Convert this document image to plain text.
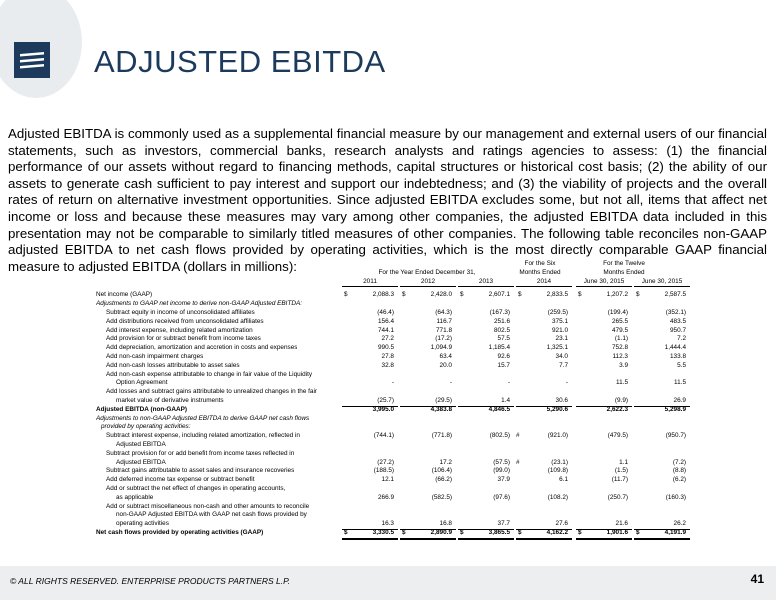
ADJUSTED EBITDA
Adjusted EBITDA is commonly used as a supplemental financial measure by our management and external users of our financial statements, such as investors, commercial banks, research analysts and ratings agencies to assess: (1) the financial performance of our assets without regard to financing methods, capital structures or historical cost basis; (2) the ability of our assets to generate cash sufficient to pay interest and support our indebtedness; and (3) the viability of projects and the overall rates of return on alternative investment opportunities. Since adjusted EBITDA excludes some, but not all, items that affect net income or loss and because these measures may vary among other companies, the adjusted EBITDA data included in this presentation may not be comparable to similarly titled measures of other companies. The following table reconciles non-GAAP adjusted EBITDA to net cash flows provided by operating activities, which is the most directly comparable GAAP financial measure to adjusted EBITDA (dollars in millions):	For the Six	For the Twelve
For the Year Ended December 31,	Months Ended	Months Ended
2011	2012	2013	2014	June 30, 2015	June 30, 2015
Net income (GAAP)	$	2,088.3 $	2,428.0 $	2,607.1 $	2,833.5 $	1,207.2 $	2,587.5
Adjustments to GAAP net income to derive non-GAAP Adjusted EBITDA:
Subtract equity in income of unconsolidated affiliates	(46.4)	(64.3)	(167.3)	(259.5)	(199.4)	(352.1)
Add distributions received from unconsolidated affiliates	156.4	116.7	251.6	375.1	265.5	483.5
Add interest expense, including related amortization	744.1	771.8	802.5	921.0	479.5	950.7
Add provision for or subtract benefit from income taxes	27.2	(17.2)	57.5	23.1	(1.1)	7.2
Add depreciation, amortization and accretion in costs and expenses	990.5	1,094.9	1,185.4	1,325.1	752.8	1,444.4
Add non-cash impairment charges	27.8	63.4	92.6	34.0	112.3	133.8
Add non-cash losses attributable to asset sales	32.8	20.0	15.7	7.7	3.9	5.5
Add non-cash expense attributable to change in fair value of the Liquidity
Option Agreement	-	-	-	-	11.5	11.5
Add losses and subtract gains attributable to unrealized changes in the fair
market value of derivative instruments	(25.7)	(29.5)	1.4	30.6	(9.9)	26.9
Adjusted EBITDA (non-GAAP)	3,995.0	4,383.8	4,846.5	5,290.6	2,622.3	5,298.9
Adjustments to non-GAAP Adjusted EBITDA to derive GAAP net cash flows
provided by operating activities:
Subtract interest expense, including related amortization, reflected in	(744.1)	(771.8)	(802.5)	(921.0)	(479.5)	(950.7)
#
Adjusted EBITDA
Subtract provision for or add benefit from income taxes reflected in
Adjusted EBITDA	(27.2)	17.2	(57.5)	(23.1)	1.1	(7.2)
#
Subtract gains attributable to asset sales and insurance recoveries	(188.5)	(106.4)	(99.0)	(109.8)	(1.5)	(8.8)
Add deferred income tax expense or subtract benefit	12.1	(66.2)	37.9	6.1	(11.7)	(6.2)
Add or subtract the net effect of changes in operating accounts,
as applicable	266.9	(582.5)	(97.6)	(108.2)	(250.7)	(160.3)
Add or subtract miscellaneous non-cash and other amounts to reconcile
non-GAAP Adjusted EBITDA with GAAP net cash flows provided by
operating activities	16.3	16.8	37.7	27.6	21.6	26.2
Net cash flows provided by operating activities (GAAP)	$	3,330.5 $	2,890.9 $	3,865.5 $	4,162.2 $	1,901.6 $	4,191.9
© ALL RIGHTS RESERVED. ENTERPRISE PRODUCTS PARTNERS L.P.	41
